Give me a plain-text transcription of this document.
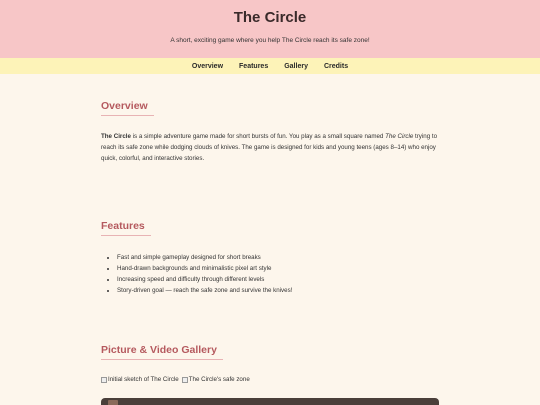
The Circle
A short, exciting game where you help The Circle reach its safe zone!
Overview Features Gallery Credits
Overview

The Circle is a simple adventure game made for short bursts of fun. You play as a small square named The Circle trying to reach its safe zone while dodging clouds of knives. The game is designed for kids and young teens (ages 8–14) who enjoy quick, colorful, and interactive stories.

Features
• Fast and simple gameplay designed for short breaks
• Hand-drawn backgrounds and minimalistic pixel art style
• Increasing speed and difficulty through different levels
• Story-driven goal — reach the safe zone and survive the knives!
Picture & Video Gallery
Initial sketch of The Circle The Circle's safe zone
